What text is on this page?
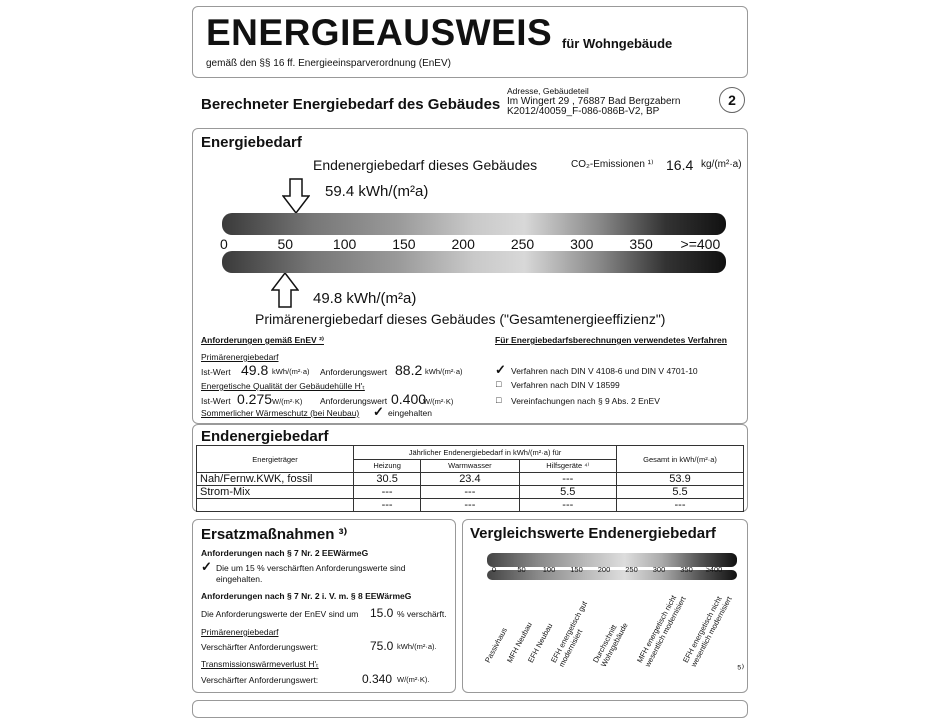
ENERGIEAUSWEIS für Wohngebäude
gemäß den §§ 16 ff. Energieeinsparverordnung (EnEV)
Berechneter Energiebedarf des Gebäudes
Adresse, Gebäudeteil
Im Wingert 29 , 76887 Bad Bergzabern
K2012/40059_F-086-086B-V2, BP
2
Energiebedarf
Endenergiebedarf dieses Gebäudes	CO₂-Emissionen ¹⁾ 16.4 kg/(m²·a)
59.4 kWh/(m²a)
0	50	100	150	200	250	300	350	>=400
49.8 kWh/(m²a)
Primärenergiebedarf dieses Gebäudes ("Gesamtenergieeffizienz")
Anforderungen gemäß EnEV ²⁾
Primärenergiebedarf
Ist-Wert 49.8 kWh/(m²·a) Anforderungswert 88.2 kWh/(m²·a)
Energetische Qualität der Gebäudehülle H'ₜ
Ist-Wert 0.275 W/(m²·K) Anforderungswert 0.400
W/(m²·K)
Sommerlicher Wärmeschutz (bei Neubau) ✓ eingehalten
Für Energiebedarfsberechnungen verwendetes Verfahren
✓ Verfahren nach DIN V 4108-6 und DIN V 4701-10
□ Verfahren nach DIN V 18599
□ Vereinfachungen nach § 9 Abs. 2 EnEV
Endenergiebedarf
Energieträger	Jährlicher Endenergiebedarf in kWh/(m²·a) für			Gesamt in kWh/(m²·a)
	Heizung	Warmwasser	Hilfsgeräte ⁴⁾	
Nah/Fernw.KWK, fossil	30.5	23.4	---	53.9
Strom-Mix	---	---	5.5	5.5
	---	---	---	---
Ersatzmaßnahmen ³⁾
Anforderungen nach § 7 Nr. 2 EEWärmeG
✓ Die um 15 % verschärften Anforderungswerte sind
eingehalten.
Anforderungen nach § 7 Nr. 2 i. V. m. § 8 EEWärmeG
Die Anforderungswerte der EnEV sind um 15.0 % verschärft.
Primärenergiebedarf
Verschärfter Anforderungswert:	75.0 kWh/(m²·a).
Transmissionswärmeverlust H'ₜ
Verschärfter Anforderungswert:	0.340 W/(m²·K).
Vergleichswerte Endenergiebedarf
0	50	100	150	200	250	300	350	≥400
Passivhaus
MFH Neubau
EFH Neubau
EFH energetisch gut modernisiert Durchschnitt Wohngebäude MFH energetisch nicht wesentlich modernisiert
EFH energetisch nicht wesentlich modernisiert
⁵⁾
